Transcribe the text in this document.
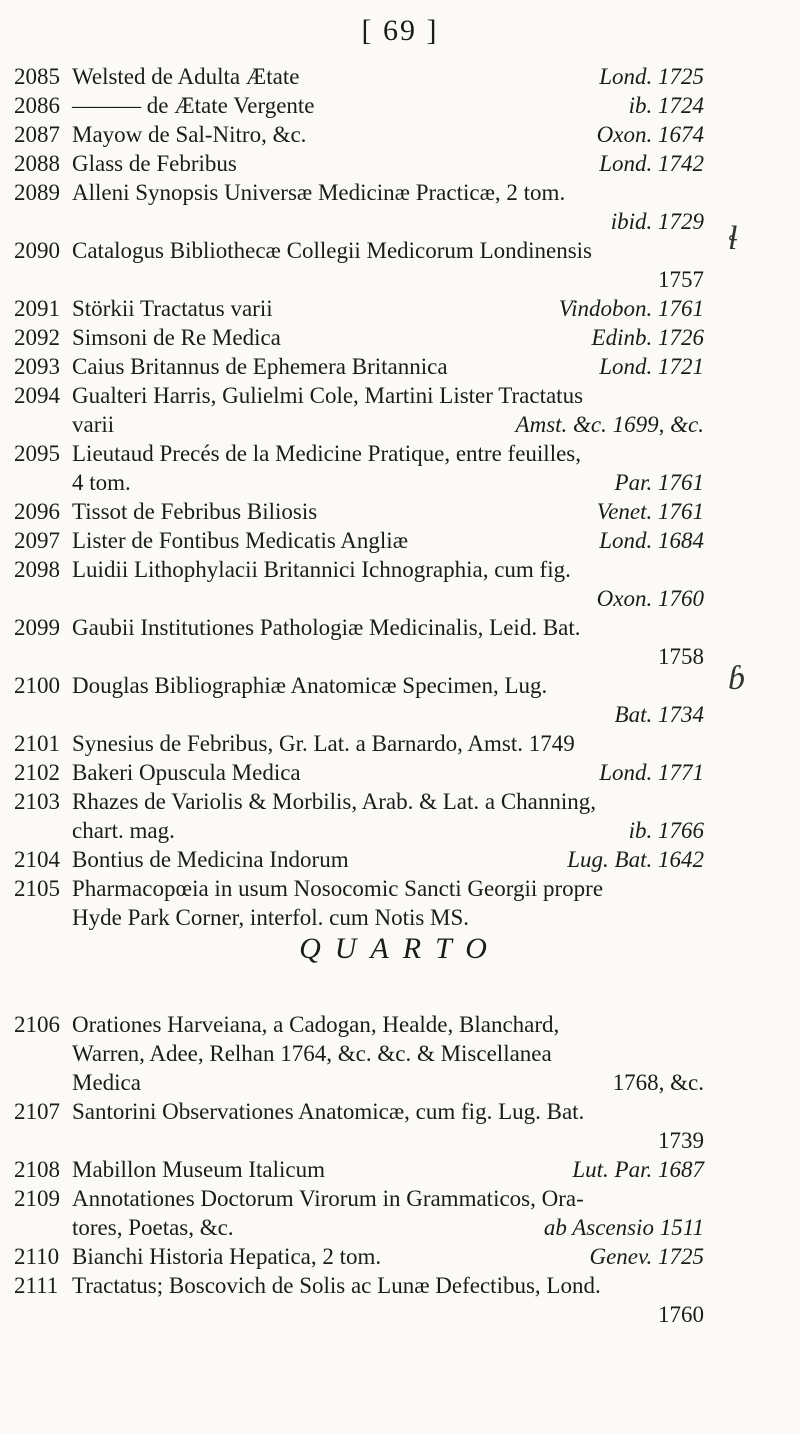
[ 69 ]
2085 Welsted de Adulta Ætate	Lond. 1725
2086 ——— de Ætate Vergente	ib. 1724
2087 Mayow de Sal-Nitro, &c.	Oxon. 1674
2088 Glass de Febribus	Lond. 1742
2089 Alleni Synopsis Universæ Medicinæ Practicæ, 2 tom.
ibid. 1729
2090 Catalogus Bibliothecæ Collegii Medicorum Londinensis
1757
2091 Störkii Tractatus varii	Vindobon. 1761
2092 Simsoni de Re Medica	Edinb. 1726
2093 Caius Britannus de Ephemera Britannica	Lond. 1721
2094 Gualteri Harris, Gulielmi Cole, Martini Lister Tractatus
varii	Amst. &c. 1699, &c.
2095 Lieutaud Precés de la Medicine Pratique, entre feuilles,
4 tom.	Par. 1761
2096 Tissot de Febribus Biliosis	Venet. 1761
2097 Lister de Fontibus Medicatis Angliæ	Lond. 1684
2098 Luidii Lithophylacii Britannici Ichnographia, cum fig.
Oxon. 1760
2099 Gaubii Institutiones Pathologiæ Medicinalis, Leid. Bat.
1758
2100 Douglas Bibliographiæ Anatomicæ Specimen, Lug.
Bat. 1734
2101 Synesius de Febribus, Gr. Lat. a Barnardo, Amst. 1749
2102 Bakeri Opuscula Medica	Lond. 1771
2103 Rhazes de Variolis & Morbilis, Arab. & Lat. a Channing, chart. mag.	ib. 1766
2104 Bontius de Medicina Indorum	Lug. Bat. 1642
QUARTO
2105 Pharmacopœia in usum Nosocomic Sancti Georgii propre
Hyde Park Corner, interfol. cum Notis MS.
2106 Orationes Harveiana, a Cadogan, Healde, Blanchard,
Warren, Adee, Relhan 1764, &c. &c. & Miscellanea
Medica	1768, &c.
2107 Santorini Observationes Anatomicæ, cum fig. Lug. Bat.
1739
2108 Mabillon Museum Italicum	Lut. Par. 1687
2109 Annotationes Doctorum Virorum in Grammaticos, Ora-
tores, Poetas, &c.	ab Ascensio 1511
2110 Bianchi Historia Hepatica, 2 tom.	Genev. 1725
2111 Tractatus; Boscovich de Solis ac Lunæ Defectibus, Lond.
1760
ɬ
ɓ
